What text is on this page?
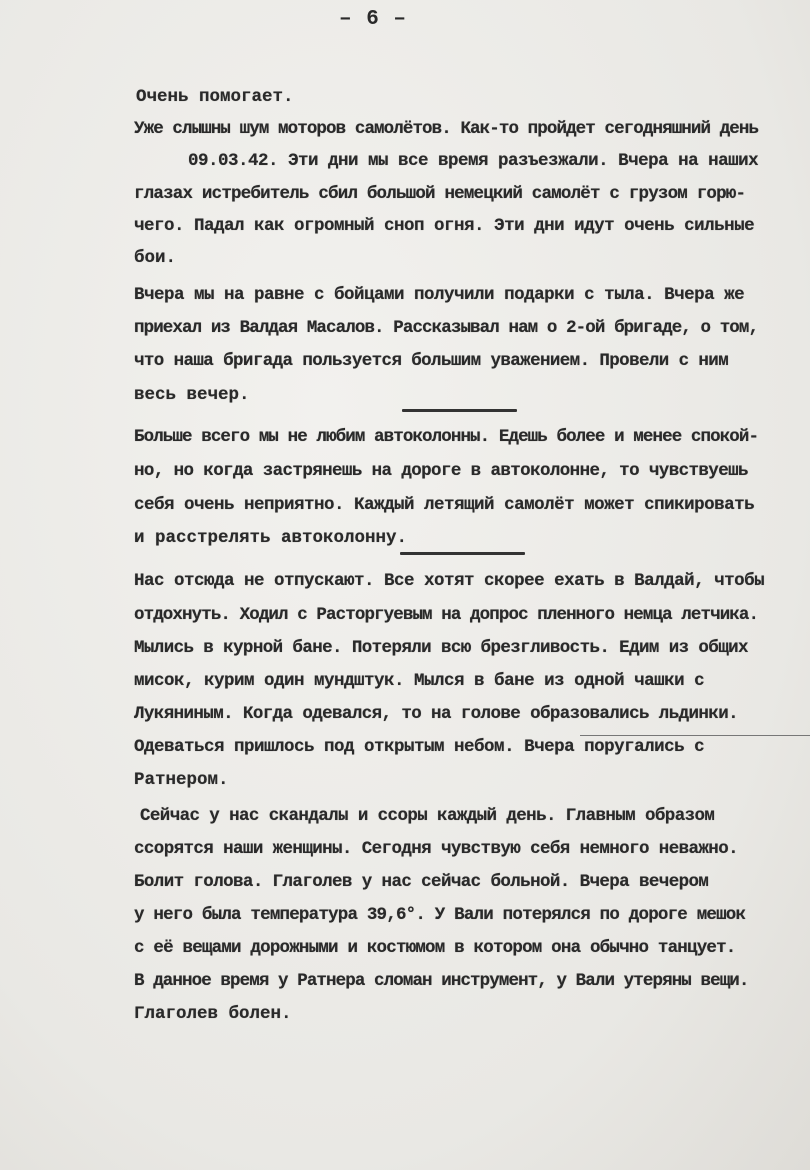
– 6 –
Очень помогает.
Уже слышны шум моторов самолётов. Как-то пройдет сегодняшний день
09.03.42. Эти дни мы все время разъезжали. Вчера на наших
глазах истребитель сбил большой немецкий самолёт с грузом горю-
чего. Падал как огромный сноп огня. Эти дни идут очень сильные
бои.
Вчера мы на равне с бойцами получили подарки с тыла. Вчера же
приехал из Валдая Масалов. Рассказывал нам о 2-ой бригаде, о том,
что наша бригада пользуется большим уважением. Провели с ним
весь вечер.
Больше всего мы не любим автоколонны. Едешь более и менее спокой-
но, но когда застрянешь на дороге в автоколонне, то чувствуешь
себя очень неприятно. Каждый летящий самолёт может спикировать
и расстрелять автоколонну.
Нас отсюда не отпускают. Все хотят скорее ехать в Валдай, чтобы
отдохнуть. Ходил с Расторгуевым на допрос пленного немца летчика.
Мылись в курной бане. Потеряли всю брезгливость. Едим из общих
мисок, курим один мундштук. Мылся в бане из одной чашки с
Лукяниным. Когда одевался, то на голове образовались льдинки.
Одеваться пришлось под открытым небом. Вчера поругались с
Ратнером.
Сейчас у нас скандалы и ссоры каждый день. Главным образом
ссорятся наши женщины. Сегодня чувствую себя немного неважно.
Болит голова. Глаголев у нас сейчас больной. Вчера вечером
у него была температура 39,6°. У Вали потерялся по дороге мешок
с её вещами дорожными и костюмом в котором она обычно танцует.
В данное время у Ратнера сломан инструмент, у Вали утеряны вещи.
Глаголев болен.
